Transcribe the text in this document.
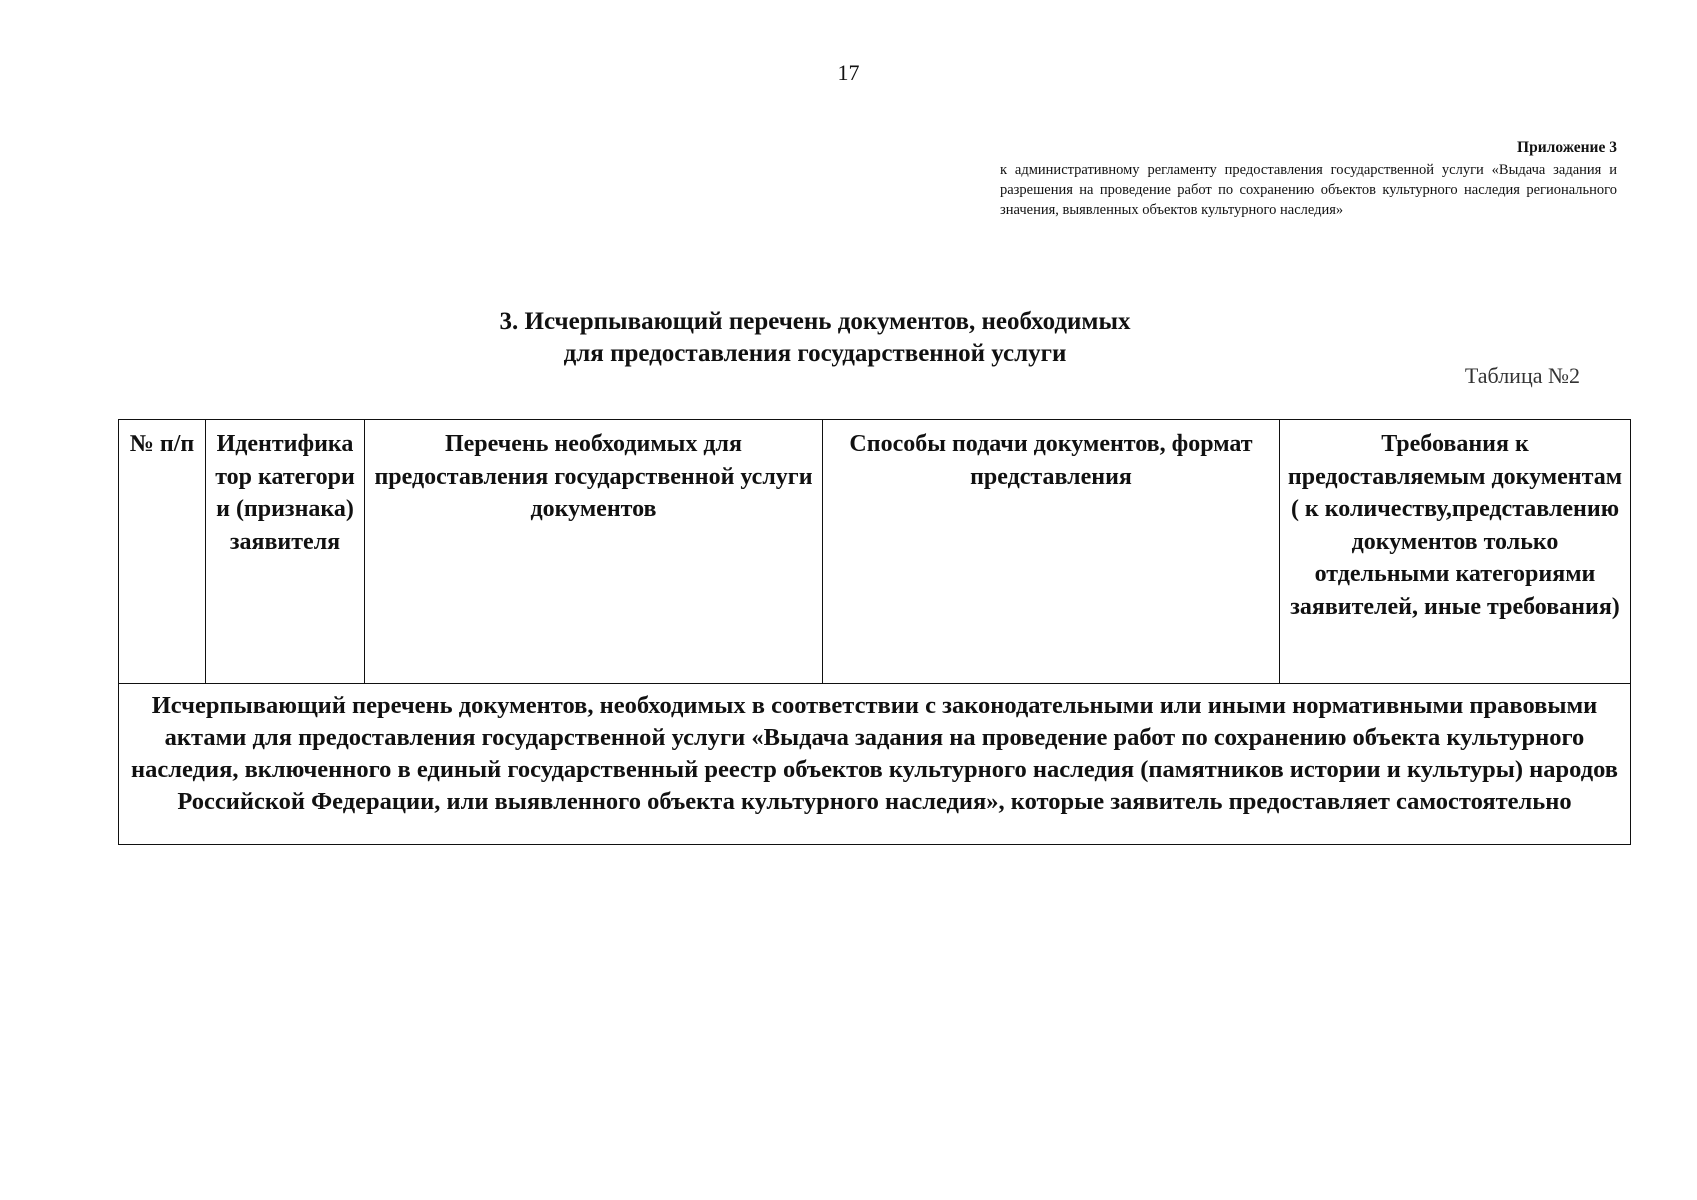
17
Приложение 3
к административному регламенту предоставления государственной услуги «Выдача задания и разрешения на проведение работ по сохранению объектов культурного наследия регионального значения, выявленных объектов культурного наследия»
3. Исчерпывающий перечень документов, необходимых
для предоставления государственной услуги
Таблица №2
№ п/п	Идентификатор категории (признака) заявителя	Перечень необходимых для предоставления государственной услуги документов	Способы подачи документов, формат представления	Требования к предоставляемым документам ( к количеству,представлению документов только отдельными категориями заявителей, иные требования)
Исчерпывающий перечень документов, необходимых в соответствии с законодательными или иными нормативными правовыми актами для предоставления государственной услуги «Выдача задания на проведение работ по сохранению объекта культурного наследия, включенного в единый государственный реестр объектов культурного наследия (памятников истории и культуры) народов Российской Федерации, или выявленного объекта культурного наследия», которые заявитель предоставляет самостоятельно
